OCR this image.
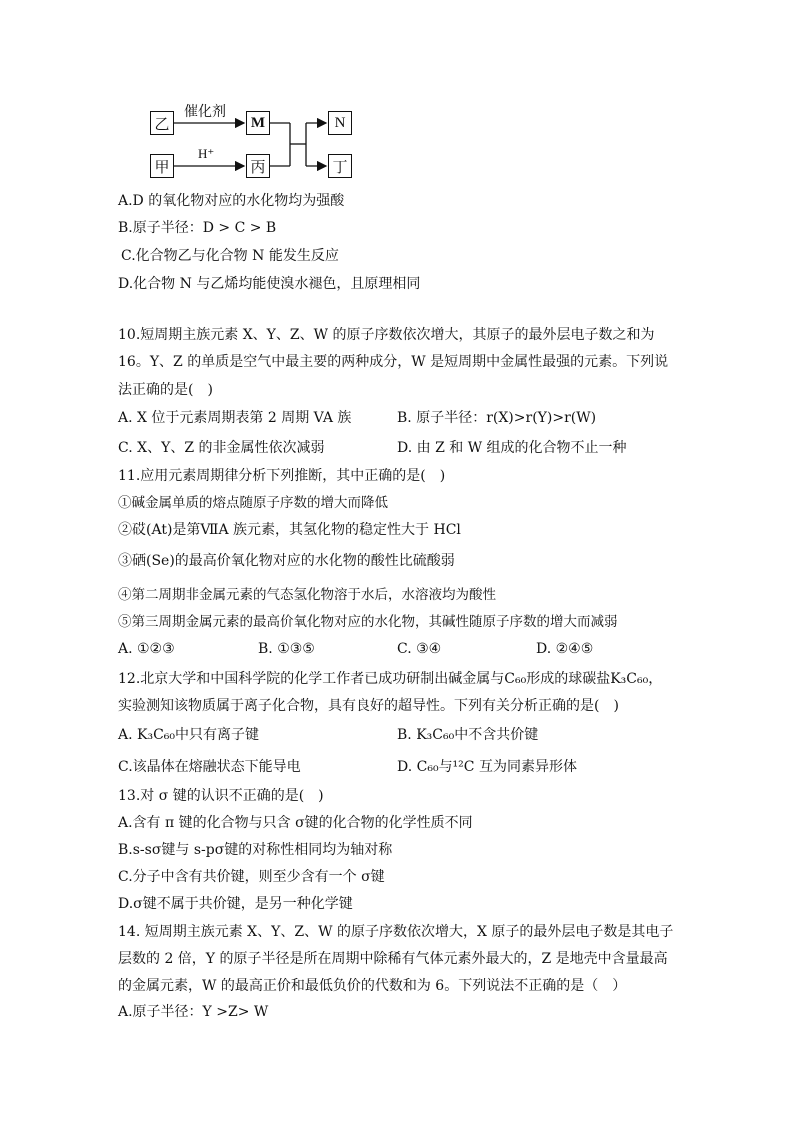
乙	M	N
甲	丙	丁
催化剂
H⁺
A.D 的氧化物对应的水化物均为强酸
B.原子半径：D > C > B
C.化合物乙与化合物 N 能发生反应
D.化合物 N 与乙烯均能使溴水褪色，且原理相同
10.短周期主族元素 X、Y、Z、W 的原子序数依次增大，其原子的最外层电子数之和为
16。Y、Z 的单质是空气中最主要的两种成分，W 是短周期中金属性最强的元素。下列说
法正确的是(　)
A. X 位于元素周期表第 2 周期 VA 族	B. 原子半径：r(X)>r(Y)>r(W)
C. X、Y、Z 的非金属性依次减弱	D. 由 Z 和 W 组成的化合物不止一种
11.应用元素周期律分析下列推断，其中正确的是(　)
①碱金属单质的熔点随原子序数的增大而降低
②砹(At)是第ⅦA 族元素，其氢化物的稳定性大于 HCl
③硒(Se)的最高价氧化物对应的水化物的酸性比硫酸弱
④第二周期非金属元素的气态氢化物溶于水后，水溶液均为酸性
⑤第三周期金属元素的最高价氧化物对应的水化物，其碱性随原子序数的增大而减弱
A. ①②③	B. ①③⑤	C. ③④	D. ②④⑤
12.北京大学和中国科学院的化学工作者已成功研制出碱金属与C₆₀形成的球碳盐K₃C₆₀，
实验测知该物质属于离子化合物，具有良好的超导性。下列有关分析正确的是(　)
A. K₃C₆₀中只有离子键	B. K₃C₆₀中不含共价键
C.该晶体在熔融状态下能导电	D. C₆₀与¹²C 互为同素异形体
13.对 σ 键的认识不正确的是(　)
A.含有 π 键的化合物与只含 σ键的化合物的化学性质不同
B.s-sσ键与 s-pσ键的对称性相同均为轴对称
C.分子中含有共价键，则至少含有一个 σ键
D.σ键不属于共价键，是另一种化学键
14. 短周期主族元素 X、Y、Z、W 的原子序数依次增大，X 原子的最外层电子数是其电子
层数的 2 倍，Y 的原子半径是所在周期中除稀有气体元素外最大的，Z 是地壳中含量最高
的金属元素，W 的最高正价和最低负价的代数和为 6。下列说法不正确的是（　）
A.原子半径：Y >Z> W
